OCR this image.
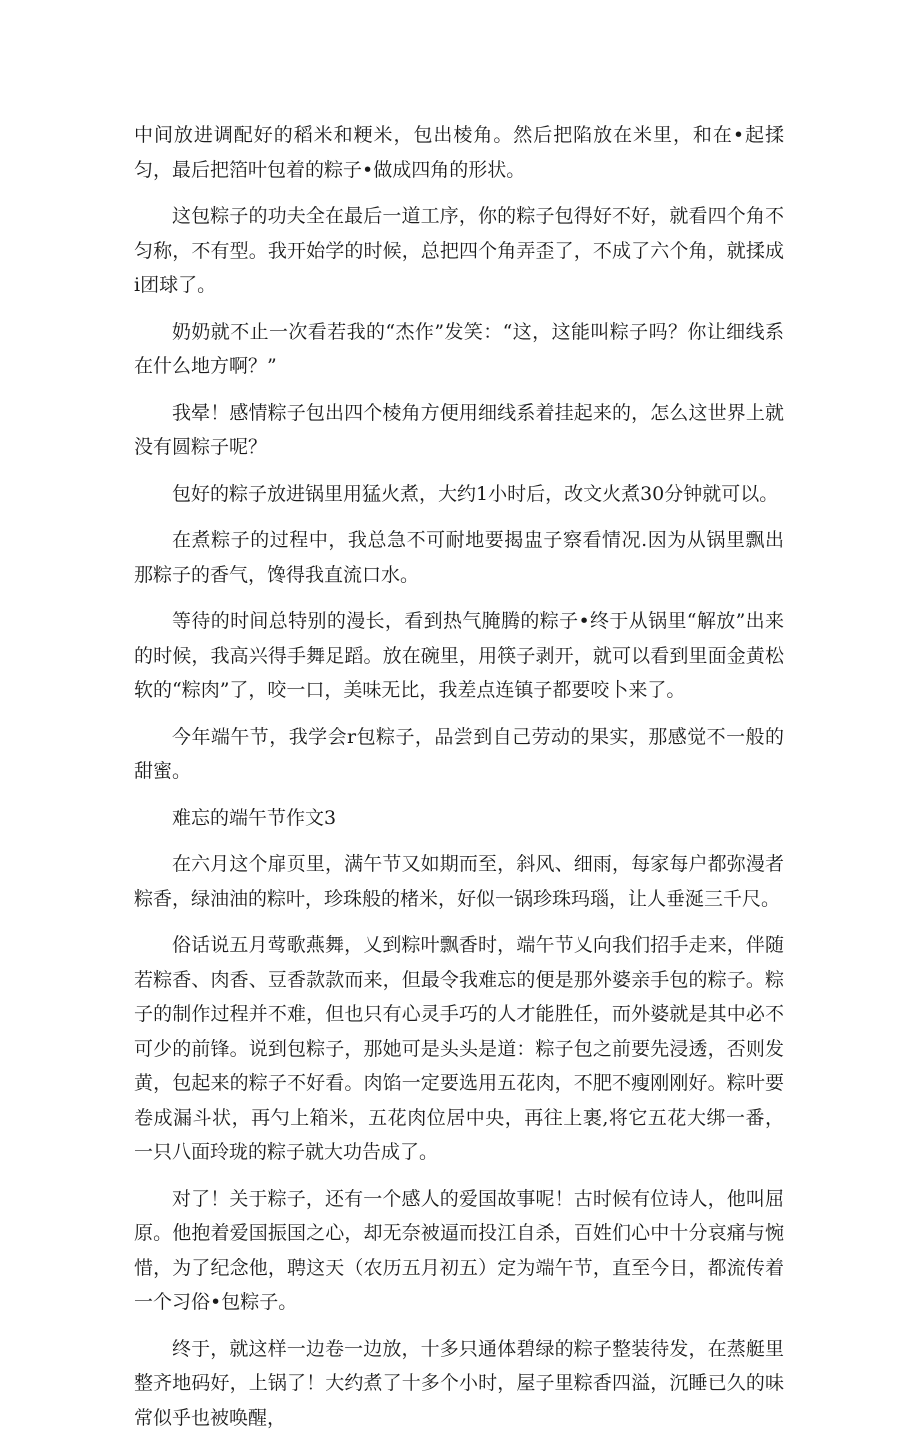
中间放进调配好的稻米和粳米，包出棱角。然后把陷放在米里，和在•起揉匀，最后把箔叶包着的粽子•做成四角的形状。

这包粽子的功夫全在最后一道工序，你的粽子包得好不好，就看四个角不匀称，不有型。我开始学的时候，总把四个角弄歪了，不成了六个角，就揉成i团球了。

奶奶就不止一次看若我的“杰作”发笑：“这，这能叫粽子吗？你让细线系在什么地方啊？”

我晕！感情粽子包出四个棱角方便用细线系着挂起来的，怎么这世界上就没有圆粽子呢？

包好的粽子放进锅里用猛火煮，大约1小时后，改文火煮30分钟就可以。

在煮粽子的过程中，我总急不可耐地要揭盅子察看情况.因为从锅里飘出那粽子的香气，馋得我直流口水。

等待的时间总特别的漫长，看到热气腌腾的粽子•终于从锅里“解放”出来的时候，我高兴得手舞足蹈。放在碗里，用筷子剥开，就可以看到里面金黄松软的“粽肉”了，咬一口，美味无比，我差点连镇子都要咬卜来了。

今年端午节，我学会r包粽子，品尝到自己劳动的果实，那感觉不一般的甜蜜。

难忘的端午节作文3

在六月这个扉页里，满午节又如期而至，斜风、细雨，每家每户都弥漫者粽香，绿油油的粽叶，珍珠般的楮米，好似一锅珍珠玛瑙，让人垂涎三千尺。

俗话说五月莺歌燕舞，乂到粽叶飘香时，端午节乂向我们招手走来，伴随若粽香、肉香、豆香款款而来，但最令我难忘的便是那外婆亲手包的粽子。粽子的制作过程并不难，但也只有心灵手巧的人才能胜任，而外婆就是其中必不可少的前锋。说到包粽子，那她可是头头是道：粽子包之前要先浸透，否则发黄，包起来的粽子不好看。肉馅一定要选用五花肉，不肥不瘦刚刚好。粽叶要卷成漏斗状，再勺上箱米，五花肉位居中央，再往上裹,将它五花大绑一番，一只八面玲珑的粽子就大功告成了。

对了！关于粽子，还有一个感人的爱国故事呢！古时候有位诗人，他叫屈原。他抱着爱国振国之心，却无奈被逼而投江自杀，百姓们心中十分哀痛与惋惜，为了纪念他，聘这天（农历五月初五）定为端午节，直至今日，都流传着一个习俗•包粽子。

终于，就这样一边卷一边放，十多只通体碧绿的粽子整装待发，在蒸艇里整齐地码好，上锅了！大约煮了十多个小时，屋子里粽香四溢，沉睡已久的味常似乎也被唤醒，
